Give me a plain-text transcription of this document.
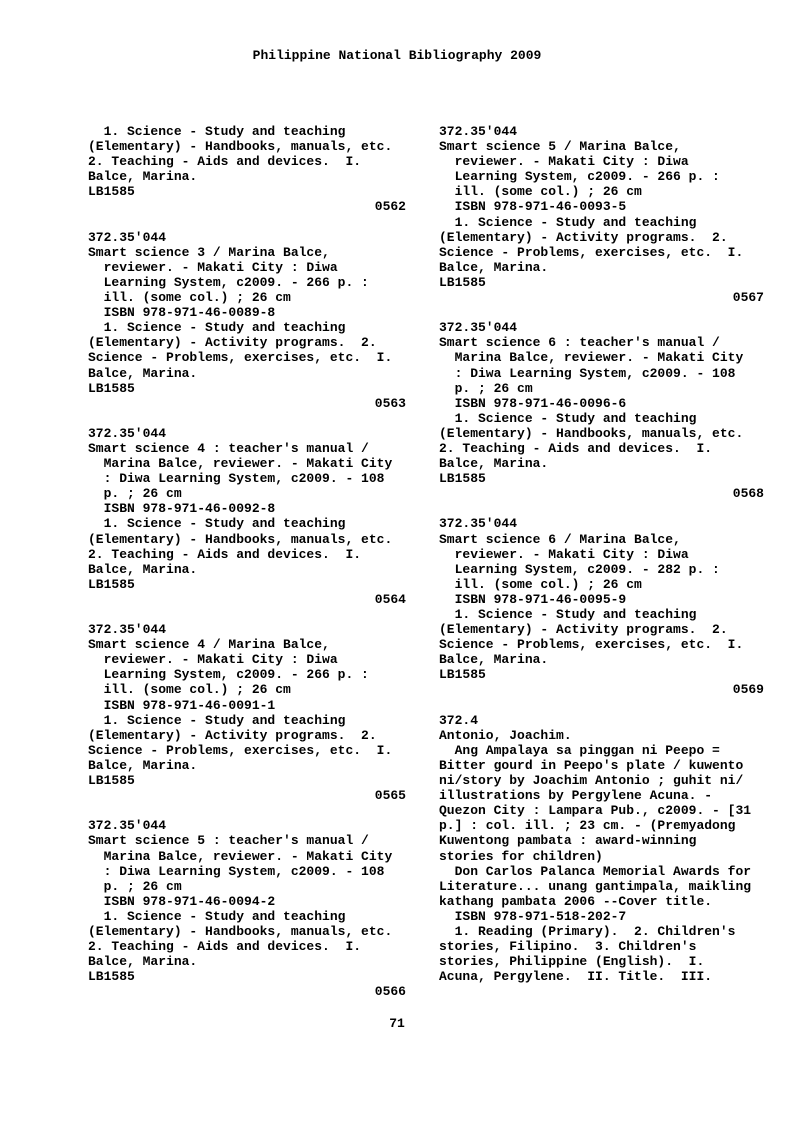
Philippine National Bibliography 2009
1. Science - Study and teaching
(Elementary) - Handbooks, manuals, etc.
2. Teaching - Aids and devices.  I.
Balce, Marina.
LB1585
0562

372.35'044
Smart science 3 / Marina Balce,
reviewer. - Makati City : Diwa
Learning System, c2009. - 266 p. :
ill. (some col.) ; 26 cm
ISBN 978-971-46-0089-8
1. Science - Study and teaching
(Elementary) - Activity programs.  2.
Science - Problems, exercises, etc.  I.
Balce, Marina.
LB1585
0563

372.35'044
Smart science 4 : teacher's manual /
Marina Balce, reviewer. - Makati City
: Diwa Learning System, c2009. - 108
p. ; 26 cm
ISBN 978-971-46-0092-8
1. Science - Study and teaching
(Elementary) - Handbooks, manuals, etc.
2. Teaching - Aids and devices.  I.
Balce, Marina.
LB1585
0564

372.35'044
Smart science 4 / Marina Balce,
reviewer. - Makati City : Diwa
Learning System, c2009. - 266 p. :
ill. (some col.) ; 26 cm
ISBN 978-971-46-0091-1
1. Science - Study and teaching
(Elementary) - Activity programs.  2.
Science - Problems, exercises, etc.  I.
Balce, Marina.
LB1585
0565

372.35'044
Smart science 5 : teacher's manual /
Marina Balce, reviewer. - Makati City
: Diwa Learning System, c2009. - 108
p. ; 26 cm
ISBN 978-971-46-0094-2
1. Science - Study and teaching
(Elementary) - Handbooks, manuals, etc.
2. Teaching - Aids and devices.  I.
Balce, Marina.
LB1585
0566
372.35'044
Smart science 5 / Marina Balce,
reviewer. - Makati City : Diwa
Learning System, c2009. - 266 p. :
ill. (some col.) ; 26 cm
ISBN 978-971-46-0093-5
1. Science - Study and teaching
(Elementary) - Activity programs.  2.
Science - Problems, exercises, etc.  I.
Balce, Marina.
LB1585
0567

372.35'044
Smart science 6 : teacher's manual /
Marina Balce, reviewer. - Makati City
: Diwa Learning System, c2009. - 108
p. ; 26 cm
ISBN 978-971-46-0096-6
1. Science - Study and teaching
(Elementary) - Handbooks, manuals, etc.
2. Teaching - Aids and devices.  I.
Balce, Marina.
LB1585
0568

372.35'044
Smart science 6 / Marina Balce,
reviewer. - Makati City : Diwa
Learning System, c2009. - 282 p. :
ill. (some col.) ; 26 cm
ISBN 978-971-46-0095-9
1. Science - Study and teaching
(Elementary) - Activity programs.  2.
Science - Problems, exercises, etc.  I.
Balce, Marina.
LB1585
0569

372.4
Antonio, Joachim.
Ang Ampalaya sa pinggan ni Peepo =
Bitter gourd in Peepo's plate / kuwento
ni/story by Joachim Antonio ; guhit ni/
illustrations by Pergylene Acuna. -
Quezon City : Lampara Pub., c2009. - [31
p.] : col. ill. ; 23 cm. - (Premyadong
Kuwentong pambata : award-winning
stories for children)
Don Carlos Palanca Memorial Awards for
Literature... unang gantimpala, maikling
kathang pambata 2006 --Cover title.
ISBN 978-971-518-202-7
1. Reading (Primary).  2. Children's
stories, Filipino.  3. Children's
stories, Philippine (English).  I.
Acuna, Pergylene.  II. Title.  III.
71
